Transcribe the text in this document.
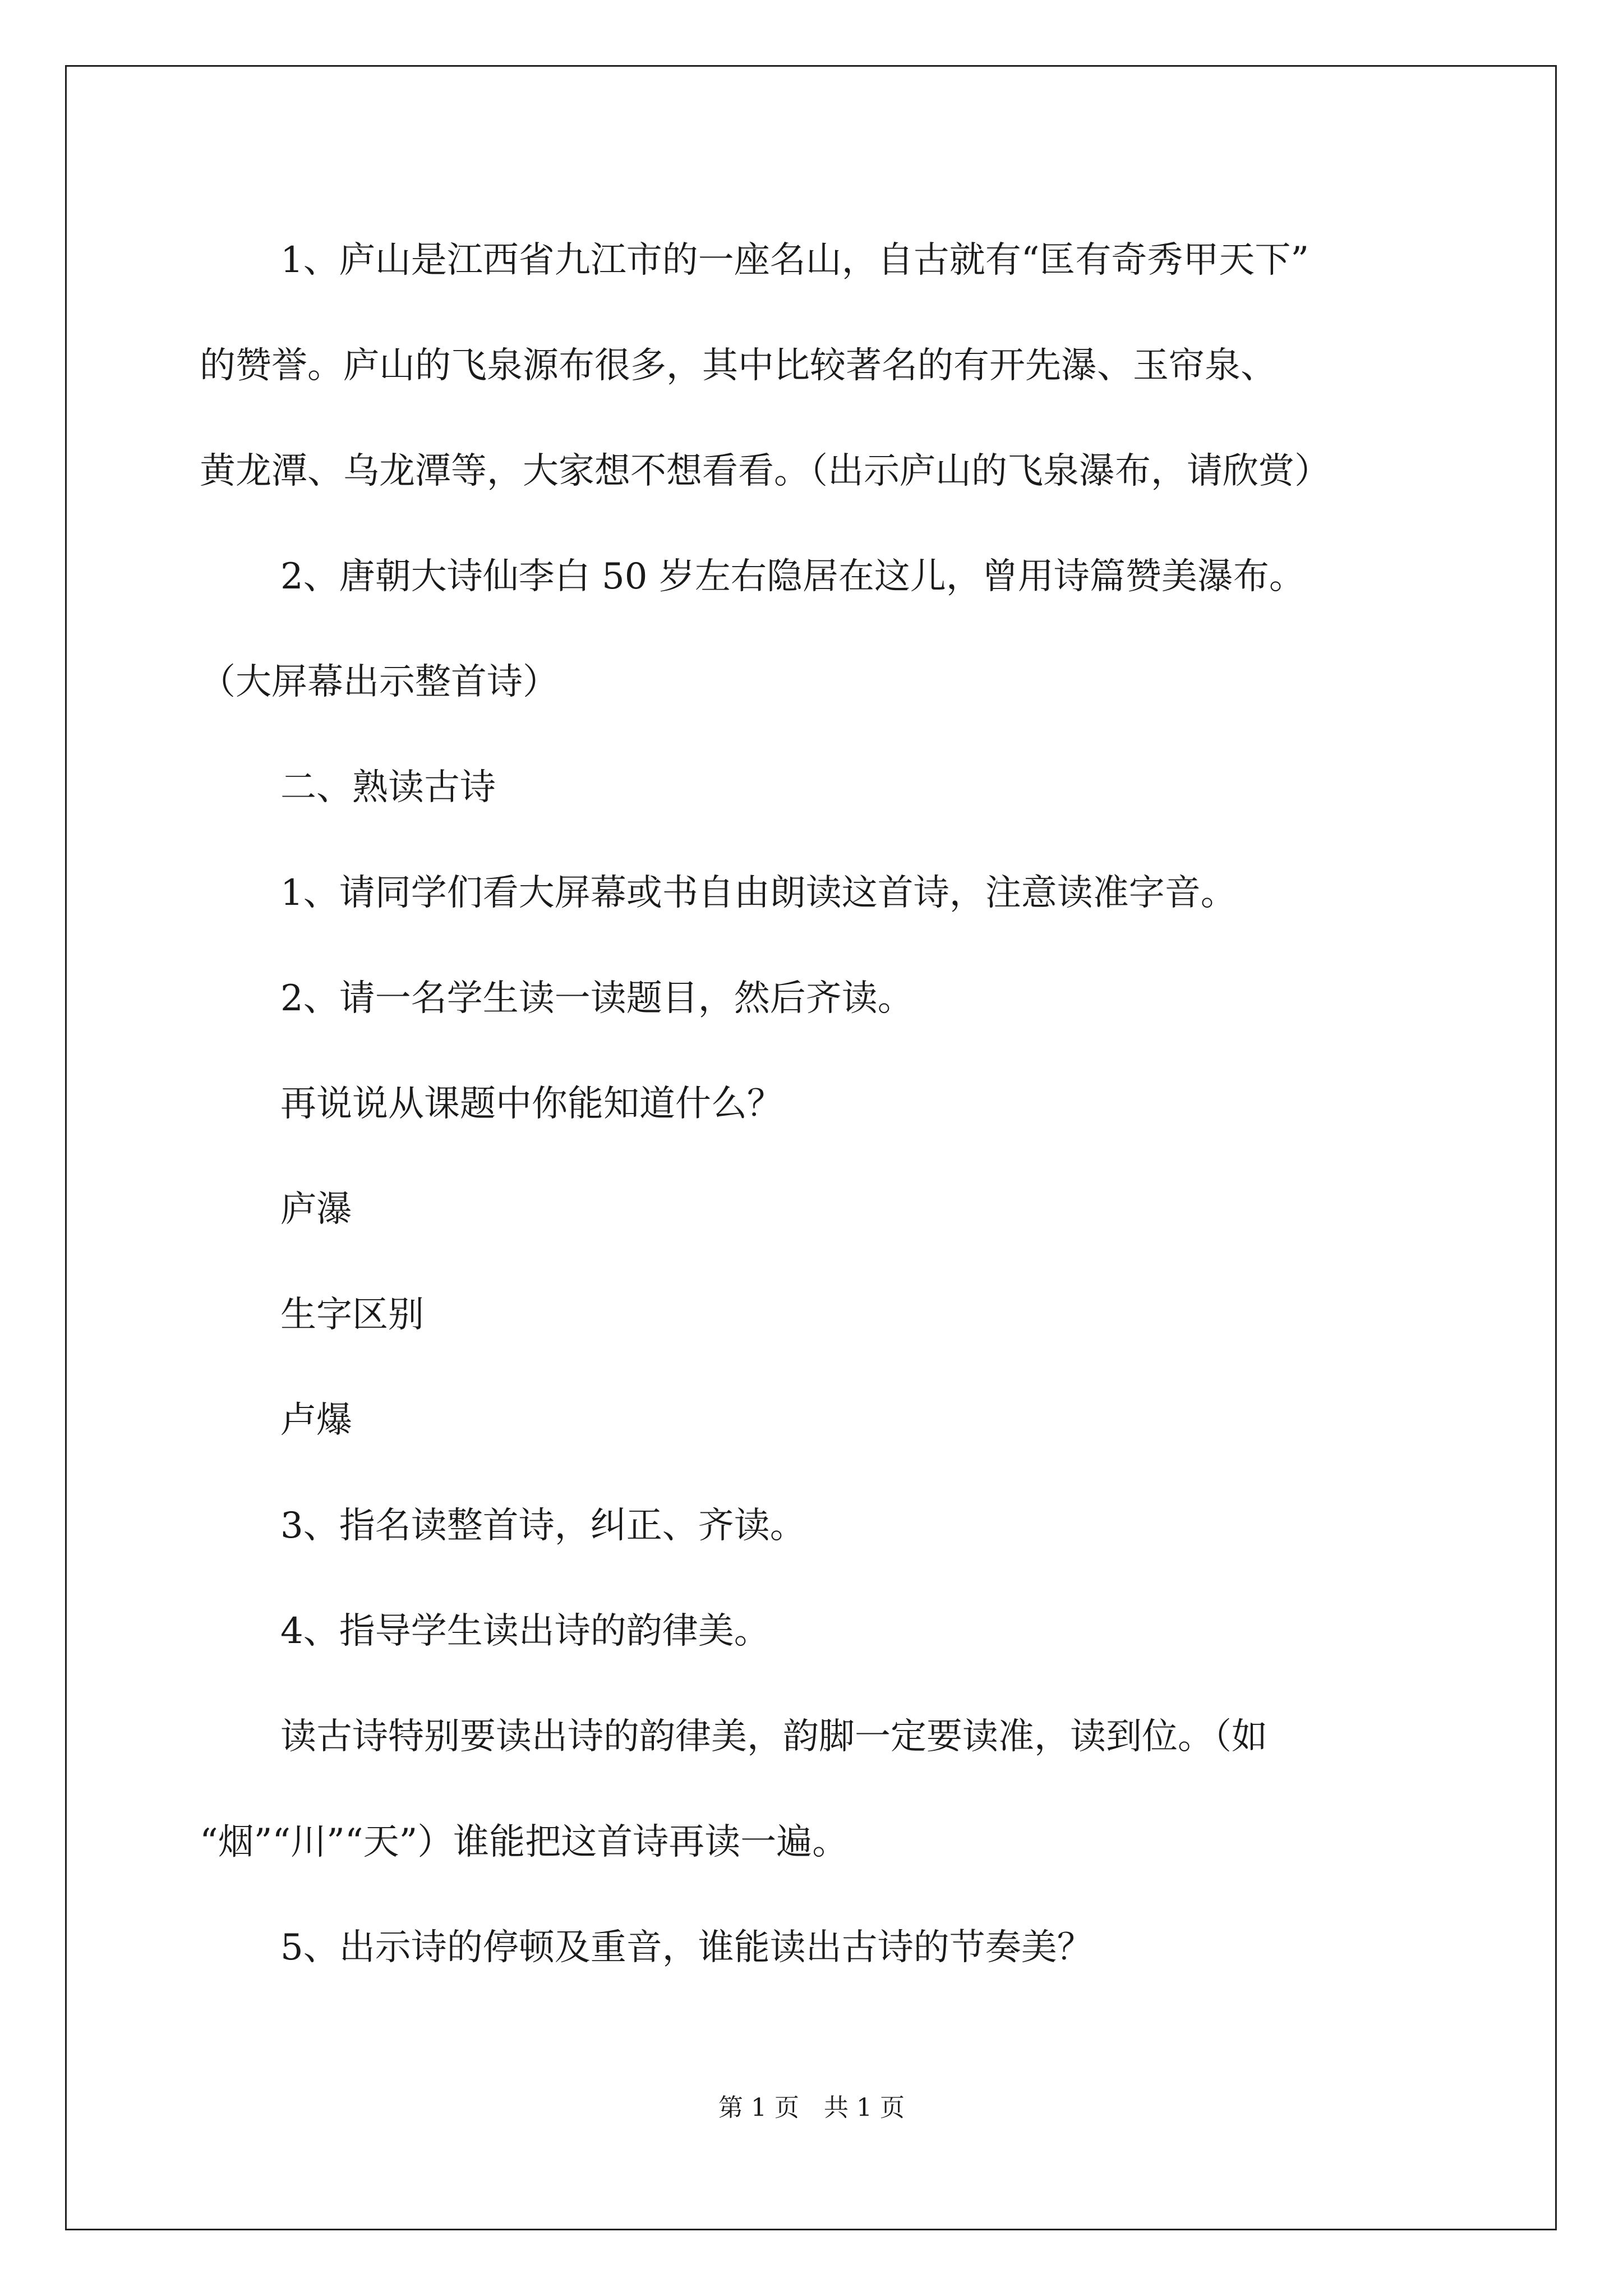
1、庐山是江西省九江市的一座名山，自古就有“匡有奇秀甲天下”

的赞誉。庐山的飞泉源布很多，其中比较著名的有开先瀑、玉帘泉、

黄龙潭、乌龙潭等，大家想不想看看。（出示庐山的飞泉瀑布，请欣赏）

2、唐朝大诗仙李白 50 岁左右隐居在这儿，曾用诗篇赞美瀑布。

（大屏幕出示整首诗）

二、熟读古诗

1、请同学们看大屏幕或书自由朗读这首诗，注意读准字音。

2、请一名学生读一读题目，然后齐读。

再说说从课题中你能知道什么？

庐瀑

生字区别

卢爆

3、指名读整首诗，纠正、齐读。

4、指导学生读出诗的韵律美。

读古诗特别要读出诗的韵律美，韵脚一定要读准，读到位。（如

“烟”“川”“天”）谁能把这首诗再读一遍。

5、出示诗的停顿及重音，谁能读出古诗的节奏美？

第 1 页　共 1 页
